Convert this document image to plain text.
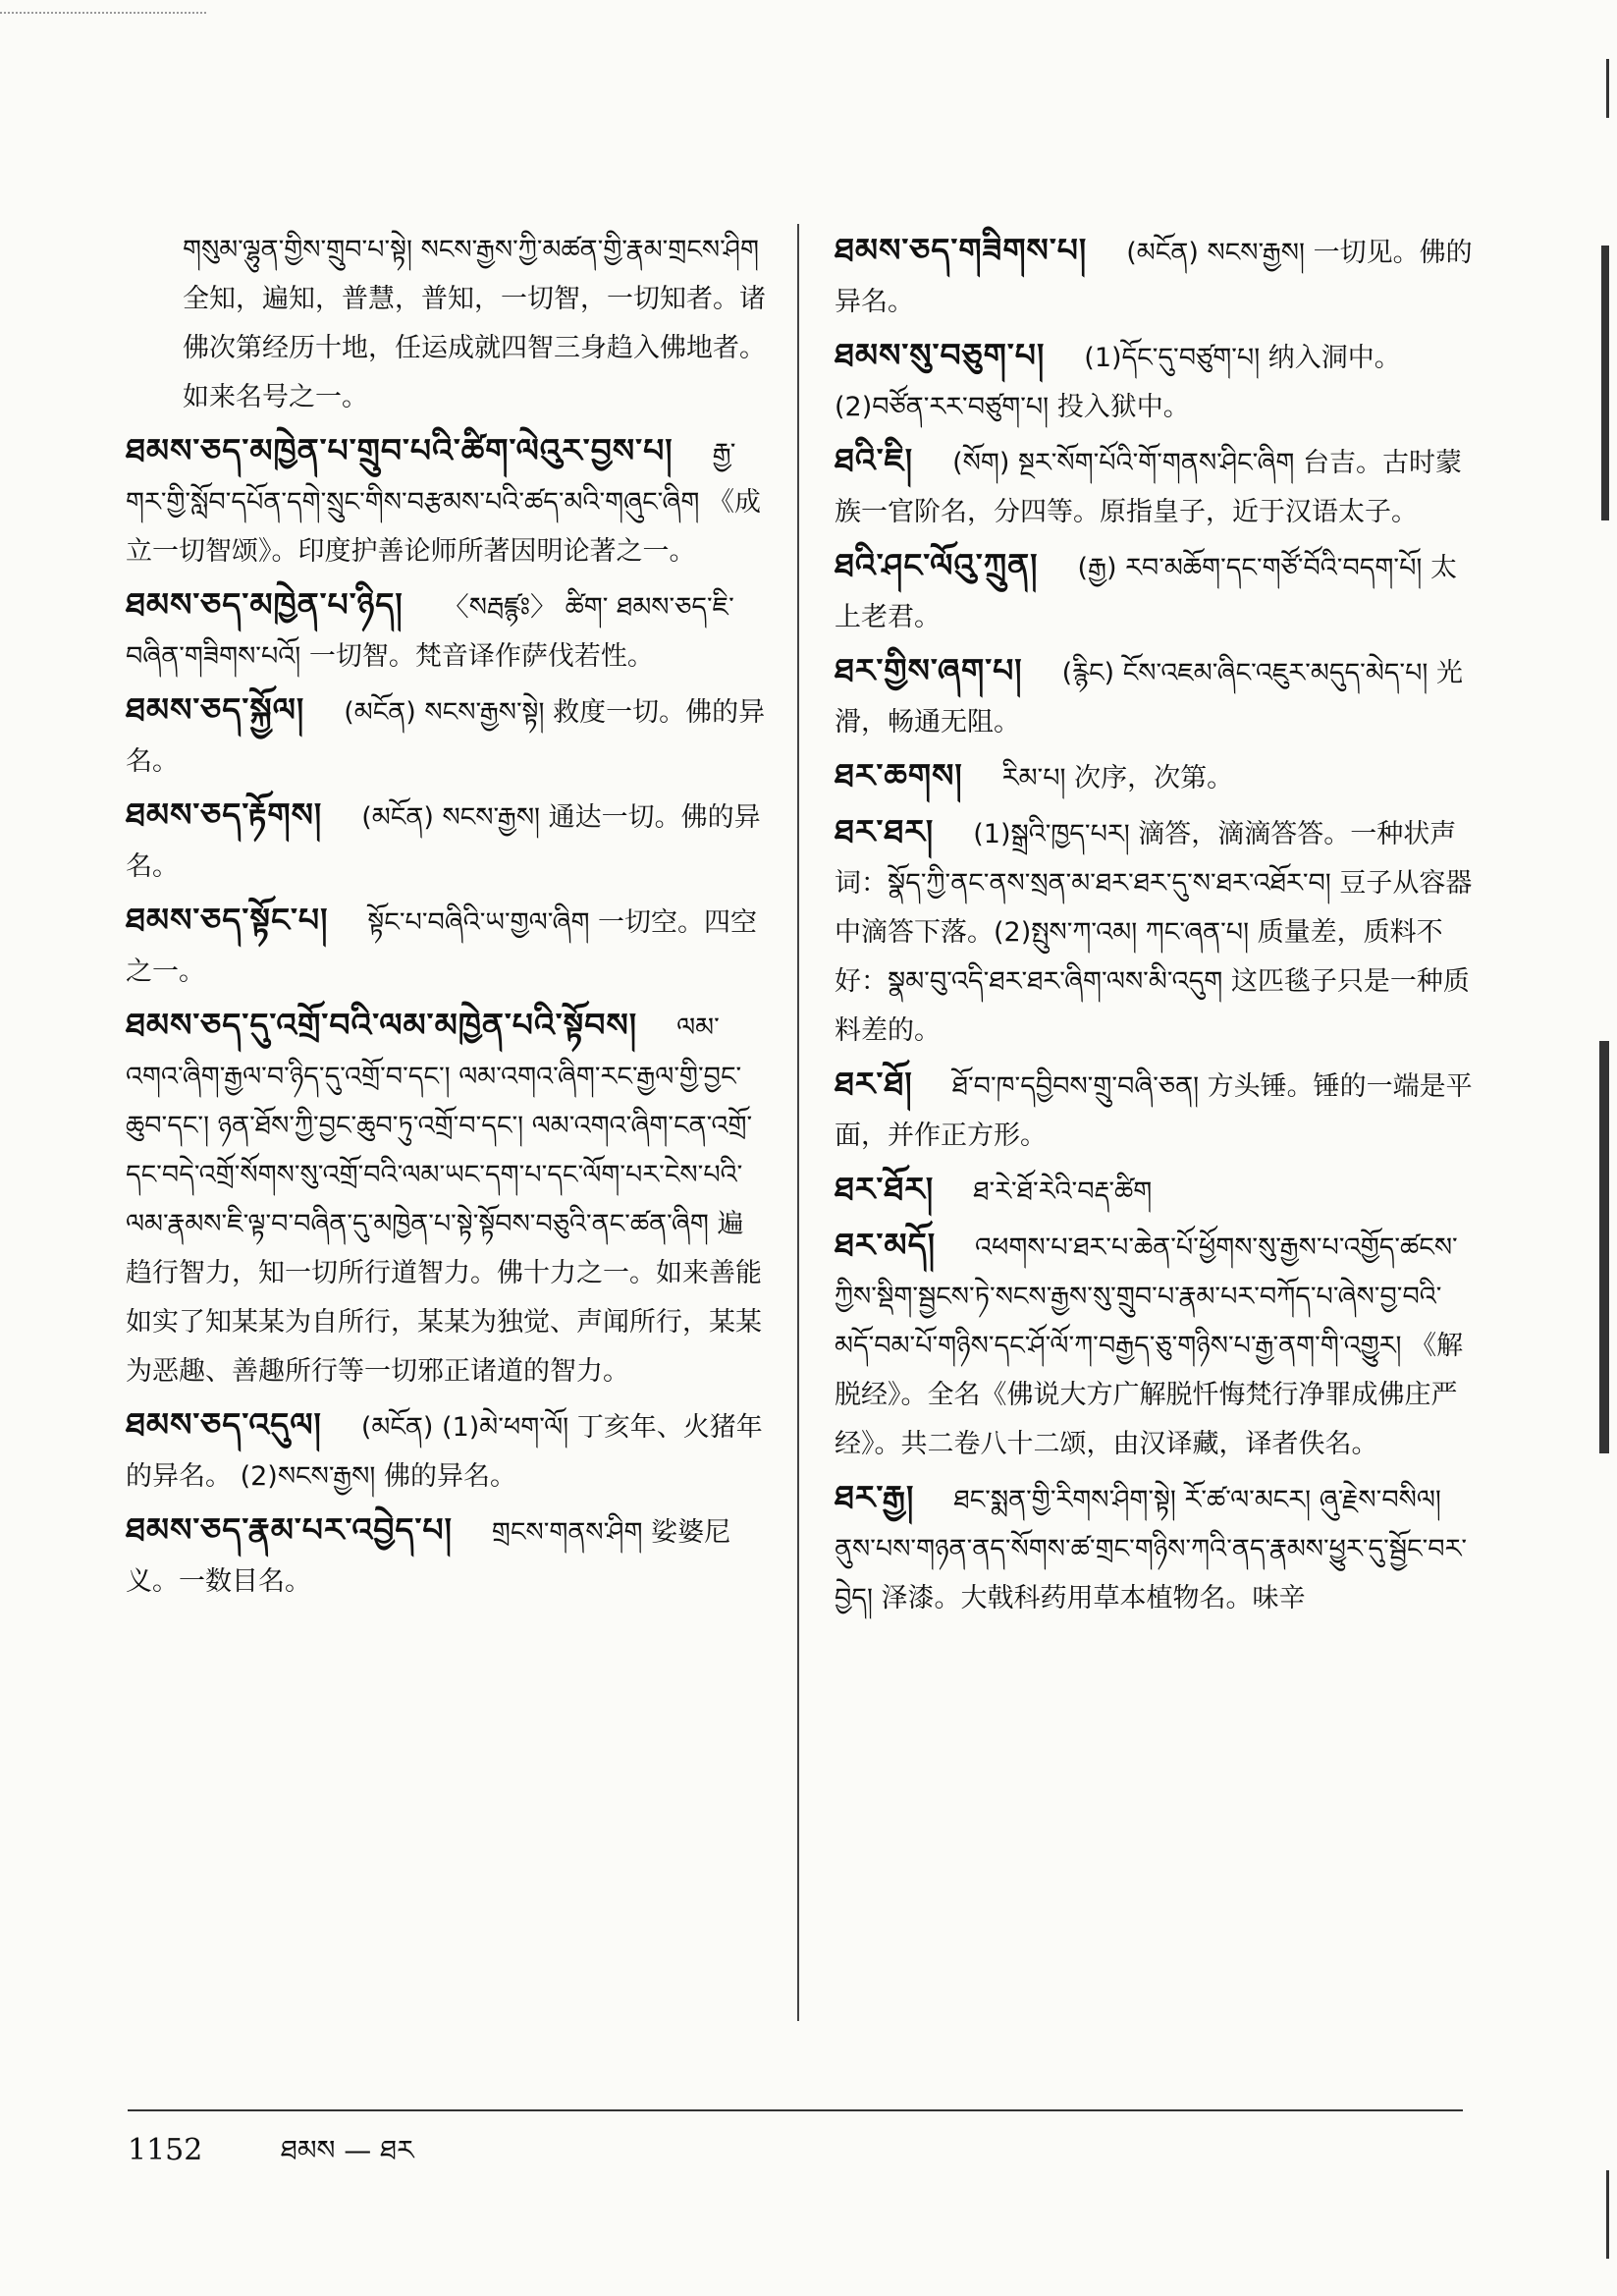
གསུམ་ལྷུན་གྱིས་གྲུབ་པ་སྟེ། སངས་རྒྱས་ཀྱི་མཚན་གྱི་རྣམ་གྲངས་ཤིག 全知，遍知，普慧，普知，一切智，一切知者。诸佛次第经历十地，任运成就四智三身趋入佛地者。如来名号之一。
ཐམས་ཅད་མཁྱེན་པ་གྲུབ་པའི་ཚིག་ལེའུར་བྱས་པ། རྒྱ་གར་གྱི་སློབ་དཔོན་དགེ་སྲུང་གིས་བརྩམས་པའི་ཚད་མའི་གཞུང་ཞིག 《成立一切智颂》。印度护善论师所著因明论著之一。
ཐམས་ཅད་མཁྱེན་པ་ཉིད། 〈སརྦཛྙཿ〉 ཚིག་ ཐམས་ཅད་ཇི་བཞིན་གཟིགས་པའོ། 一切智。梵音译作萨伐若性。
ཐམས་ཅད་སྐྱོལ། (མངོན) སངས་རྒྱས་སྟེ། 救度一切。佛的异名。
ཐམས་ཅད་རྟོགས། (མངོན) སངས་རྒྱས། 通达一切。佛的异名。
ཐམས་ཅད་སྟོང་པ། སྟོང་པ་བཞིའི་ཡ་གྱལ་ཞིག 一切空。四空之一。
ཐམས་ཅད་དུ་འགྲོ་བའི་ལམ་མཁྱེན་པའི་སྟོབས། ལམ་འགའ་ཞིག་རྒྱལ་བ་ཉིད་དུ་འགྲོ་བ་དང་། ལམ་འགའ་ཞིག་རང་རྒྱལ་གྱི་བྱང་ཆུབ་དང་། ཉན་ཐོས་ཀྱི་བྱང་ཆུབ་ཏུ་འགྲོ་བ་དང་། ལམ་འགའ་ཞིག་ངན་འགྲོ་དང་བདེ་འགྲོ་སོགས་སུ་འགྲོ་བའི་ལམ་ཡང་དག་པ་དང་ལོག་པར་ངེས་པའི་ལམ་རྣམས་ཇི་ལྟ་བ་བཞིན་དུ་མཁྱེན་པ་སྟེ་སྟོབས་བཅུའི་ནང་ཚན་ཞིག 遍趋行智力，知一切所行道智力。佛十力之一。如来善能如实了知某某为自所行，某某为独觉、声闻所行，某某为恶趣、善趣所行等一切邪正诸道的智力。
ཐམས་ཅད་འདུལ། (མངོན) (1)མེ་ཕག་ལོ། 丁亥年、火猪年的异名。 (2)སངས་རྒྱས། 佛的异名。
ཐམས་ཅད་རྣམ་པར་འབྱེད་པ། གྲངས་གནས་ཤིག 娑婆尼义。一数目名。
ཐམས་ཅད་གཟིགས་པ། (མངོན) སངས་རྒྱས། 一切见。佛的异名。
ཐམས་སུ་བཅུག་པ། (1)དོང་དུ་བཙུག་པ། 纳入洞中。(2)བཙོན་རར་བཙུག་པ། 投入狱中。
ཐའི་ཇི། (སོག) སྔར་སོག་པོའི་གོ་གནས་ཤིང་ཞིག 台吉。古时蒙族一官阶名，分四等。原指皇子，近于汉语太子。
ཐའི་ཤང་ལོའུ་ཀྲུན། (རྒྱ) རབ་མཆོག་དང་གཙོ་བོའི་བདག་པོ། 太上老君。
ཐར་གྱིས་ཞག་པ། (རྙིང) ངོས་འཇམ་ཞིང་འཇུར་མདུད་མེད་པ། 光滑，畅通无阻。
ཐར་ཆགས། རིམ་པ། 次序，次第。
ཐར་ཐར། (1)སྒྲའི་ཁྱད་པར། 滴答，滴滴答答。一种状声词：སྣོད་ཀྱི་ནང་ནས་སྲན་མ་ཐར་ཐར་དུ་ས་ཐར་འཐོར་བ། 豆子从容器中滴答下落。(2)སྤུས་ཀ་འམ། ཀང་ཞན་པ། 质量差，质料不好：སྣམ་བུ་འདི་ཐར་ཐར་ཞིག་ལས་མི་འདུག 这匹毯子只是一种质料差的。
ཐར་ཐོ། ཐོ་བ་ཁ་དབྱིབས་གྲུ་བཞི་ཅན། 方头锤。锤的一端是平面，并作正方形。
ཐར་ཐོར། ཐ་རེ་ཐོ་རེའི་བརྡ་ཚིག
ཐར་མདོ། འཕགས་པ་ཐར་པ་ཆེན་པོ་ཕྱོགས་སུ་རྒྱས་པ་འགྱོད་ཚངས་ཀྱིས་སྡིག་སྦྱངས་ཏེ་སངས་རྒྱས་སུ་གྲུབ་པ་རྣམ་པར་བཀོད་པ་ཞེས་བྱ་བའི་མདོ་བམ་པོ་གཉིས་དང་ཤོ་ལོ་ཀ་བརྒྱད་ཅུ་གཉིས་པ་རྒྱ་ནག་གི་འགྱུར། 《解脱经》。全名《佛说大方广解脱忏悔梵行净罪成佛庄严经》。共二卷八十二颂，由汉译藏，译者佚名。
ཐར་རྒྱ། ཐང་སྨན་གྱི་རིགས་ཤིག་སྟེ། རོ་ཚ་ལ་མངར། ཞུ་རྗེས་བསིལ། ནུས་པས་གཉན་ནད་སོགས་ཚ་གྲང་གཉིས་ཀའི་ནད་རྣམས་ཕྱུར་དུ་སྦྱོང་བར་བྱེད། 泽漆。大戟科药用草本植物名。味辛
1152	ཐམས — ཐར
